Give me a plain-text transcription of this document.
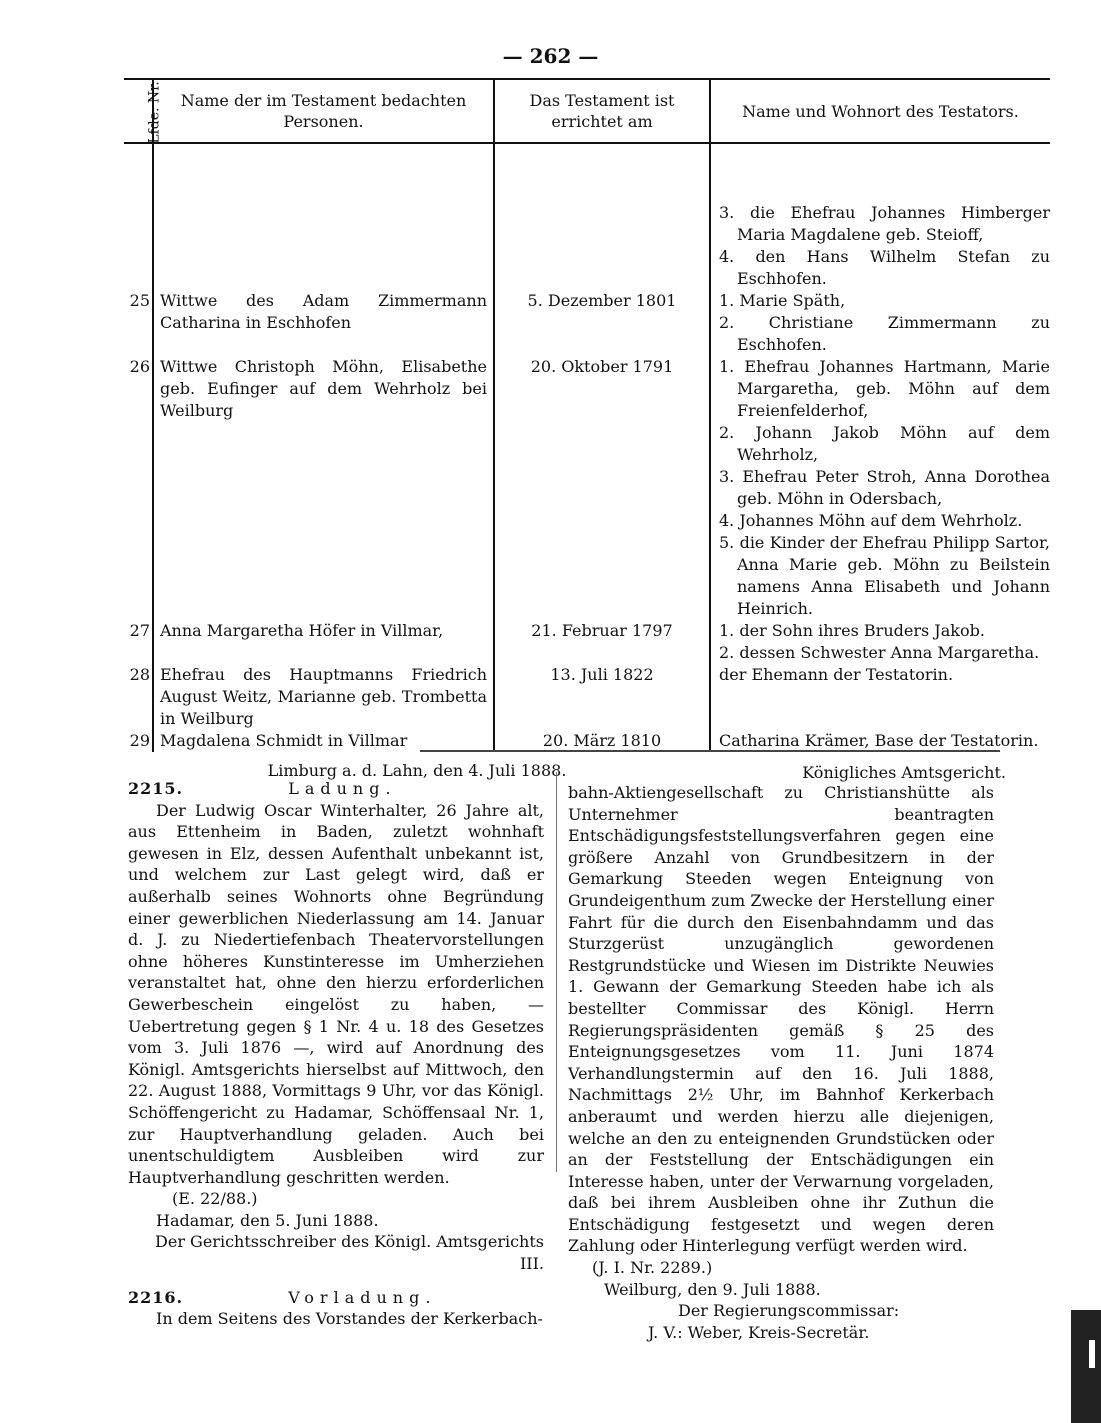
— 262 —
Lfde. Nr.	Name der im Testament bedachten Personen.	Das Testament ist errichtet am	Name und Wohnort des Testators.

			3. die Ehefrau Johannes Himberger Maria Magdalene geb. Steioff,
4. den Hans Wilhelm Stefan zu Eschhofen.

25	Wittwe des Adam Zimmermann Catharina in Eschhofen	5. Dezember 1801	1. Marie Späth,
2. Christiane Zimmermann zu Eschhofen.

26	Wittwe Christoph Möhn, Elisabethe geb. Eufinger auf dem Wehrholz bei Weilburg	20. Oktober 1791	1. Ehefrau Johannes Hartmann, Marie Margaretha, geb. Möhn auf dem Freienfelderhof,
2. Johann Jakob Möhn auf dem Wehrholz,
3. Ehefrau Peter Stroh, Anna Dorothea geb. Möhn in Odersbach,
4. Johannes Möhn auf dem Wehrholz.
5. die Kinder der Ehefrau Philipp Sartor, Anna Marie geb. Möhn zu Beilstein namens Anna Elisabeth und Johann Heinrich.

27	Anna Margaretha Höfer in Villmar,	21. Februar 1797	1. der Sohn ihres Bruders Jakob.
2. dessen Schwester Anna Margaretha.

28	Ehefrau des Hauptmanns Friedrich August Weitz, Marianne geb. Trombetta in Weilburg	13. Juli 1822	der Ehemann der Testatorin.

29	Magdalena Schmidt in Villmar	20. März 1810	Catharina Krämer, Base der Testatorin.

Limburg a. d. Lahn, den 4. Juli 1888.			Königliches Amtsgericht.

2215.	Ladung.

Der Ludwig Oscar Winterhalter, 26 Jahre alt, aus Ettenheim in Baden, zuletzt wohnhaft gewesen in Elz, dessen Aufenthalt unbekannt ist, und welchem zur Last gelegt wird, daß er außerhalb seines Wohnorts ohne Begründung einer gewerblichen Niederlassung am 14. Januar d. J. zu Niedertiefenbach Theatervorstellungen ohne höheres Kunstinteresse im Umherziehen veranstaltet hat, ohne den hierzu erforderlichen Gewerbeschein eingelöst zu haben, — Uebertretung gegen § 1 Nr. 4 u. 18 des Gesetzes vom 3. Juli 1876 —, wird auf Anordnung des Königl. Amtsgerichts hierselbst auf Mittwoch, den 22. August 1888, Vormittags 9 Uhr, vor das Königl. Schöffengericht zu Hadamar, Schöffensaal Nr. 1, zur Hauptverhandlung geladen. Auch bei unentschuldigtem Ausbleiben wird zur Hauptverhandlung geschritten werden.

(E. 22/88.)

Hadamar, den 5. Juni 1888.

Der Gerichtsschreiber des Königl. Amtsgerichts III.

2216.	Vorladung.

In dem Seitens des Vorstandes der Kerkerbach-

bahn-Aktiengesellschaft zu Christianshütte als Unternehmer beantragten Entschädigungsfeststellungsverfahren gegen eine größere Anzahl von Grundbesitzern in der Gemarkung Steeden wegen Enteignung von Grundeigenthum zum Zwecke der Herstellung einer Fahrt für die durch den Eisenbahndamm und das Sturzgerüst unzugänglich gewordenen Restgrundstücke und Wiesen im Distrikte Neuwies 1. Gewann der Gemarkung Steeden habe ich als bestellter Commissar des Königl. Herrn Regierungspräsidenten gemäß § 25 des Enteignungsgesetzes vom 11. Juni 1874 Verhandlungstermin auf den 16. Juli 1888, Nachmittags 2½ Uhr, im Bahnhof Kerkerbach anberaumt und werden hierzu alle diejenigen, welche an den zu enteignenden Grundstücken oder an der Feststellung der Entschädigungen ein Interesse haben, unter der Verwarnung vorgeladen, daß bei ihrem Ausbleiben ohne ihr Zuthun die Entschädigung festgesetzt und wegen deren Zahlung oder Hinterlegung verfügt werden wird.

(J. I. Nr. 2289.)

Weilburg, den 9. Juli 1888.

Der Regierungscommissar:

J. V.: Weber, Kreis-Secretär.
